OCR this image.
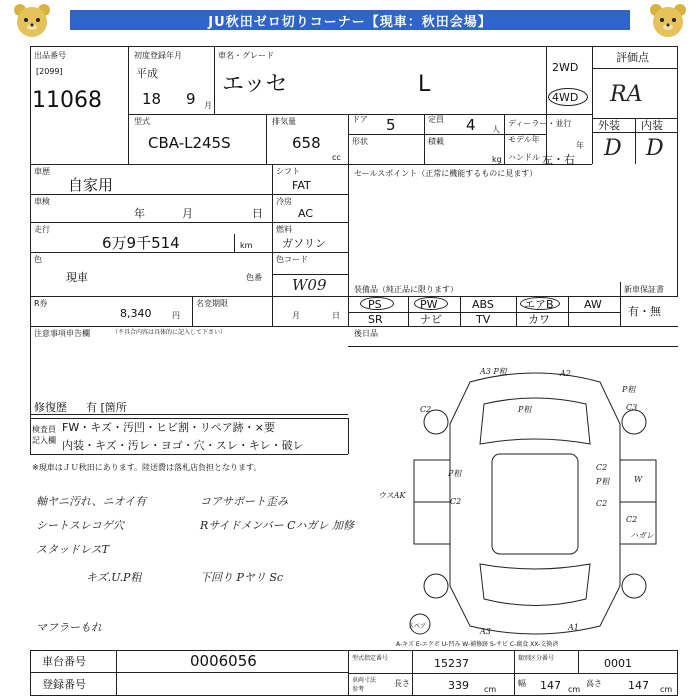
JU秋田ゼロ切りコーナー【現車：秋田会場】
出品番号
[2099]
11068
初度登録年月
平成
18 9 月
車名・グレード
エッセ	L
2WD
4WD
評価点
RA
外装 内装
D D
型式
CBA-L245S
排気量
658
cc
ドア 5
形状
定員 4 人
積載
kg
ディーラー・並行
モデル年
年
ハンドル 左・右
車歴
自家用
車検
年	月	日
走行
6万9千514	km
色
現車	色番
シフト
FAT
冷房
AC
燃料
ガソリン
色コード
W09
セールスポイント（正常に機能するものに見ます）
R券
8,340	円
名変期限
月	日
装備品（純正品に限ります）
PS	PW	ABS	エアB	AW
SR	ナビ	TV	カワ
新車保証書
有・無
後日品
注意事項申告欄	（不具合内容は具体的に記入して下さい）
修復歴 有 [箇所
検査員 記入欄
FW・キズ・汚凹・ヒビ割・リペア跡・×要
内装・キズ・汚レ・ヨゴ・穴・スレ・キレ・破レ
※現車はＪＵ秋田にあります。陸送費は落札店負担となります。
軸ヤニ汚れ、ニオイ有	コアサポート歪み
シートスレコゲ穴	Rサイドメンバー Cハガレ 加修
スタッドレスT
キズ.U.P粗	下回り Pヤリ Sc
マフラーもれ
A3 P粗	A2
P粗
C2	C3
P粗
P粗
C2
C2
P粗
C2
W
ウスAK
C2
ハガレ
A3	A1
スペア
A-キズ E-エクボ U-凹み W-補修跡 S-サビ C-腐食 XX-交換済
車台番号	0006056
登録番号
型式指定番号	15237	類別区分番号	0001
車両寸法
参考
長さ	339 cm
幅 147 cm
高さ 147 cm
